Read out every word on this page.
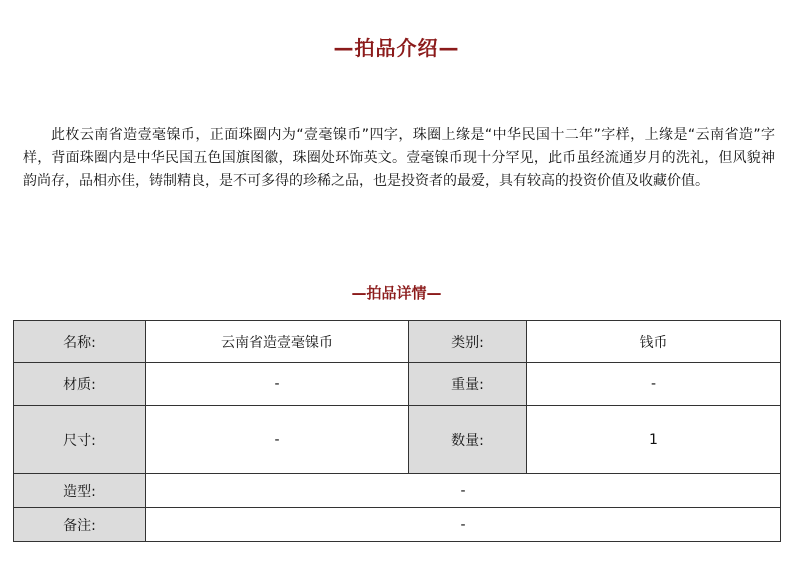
—拍品介绍—

此枚云南省造壹毫镍币，正面珠圈内为“壹毫镍币”四字，珠圈上缘是“中华民国十二年”字样，上缘是“云南省造”字样，背面珠圈内是中华民国五色国旗图徽，珠圈处环饰英文。壹毫镍币现十分罕见，此币虽经流通岁月的洗礼，但风貌神韵尚存，品相亦佳，铸制精良，是不可多得的珍稀之品，也是投资者的最爱，具有较高的投资价值及收藏价值。

—拍品详情—
名称:	云南省造壹毫镍币	类别:	钱币
材质:	-	重量:	-
尺寸:	-	数量:	1
造型:	-		
备注:	-		
